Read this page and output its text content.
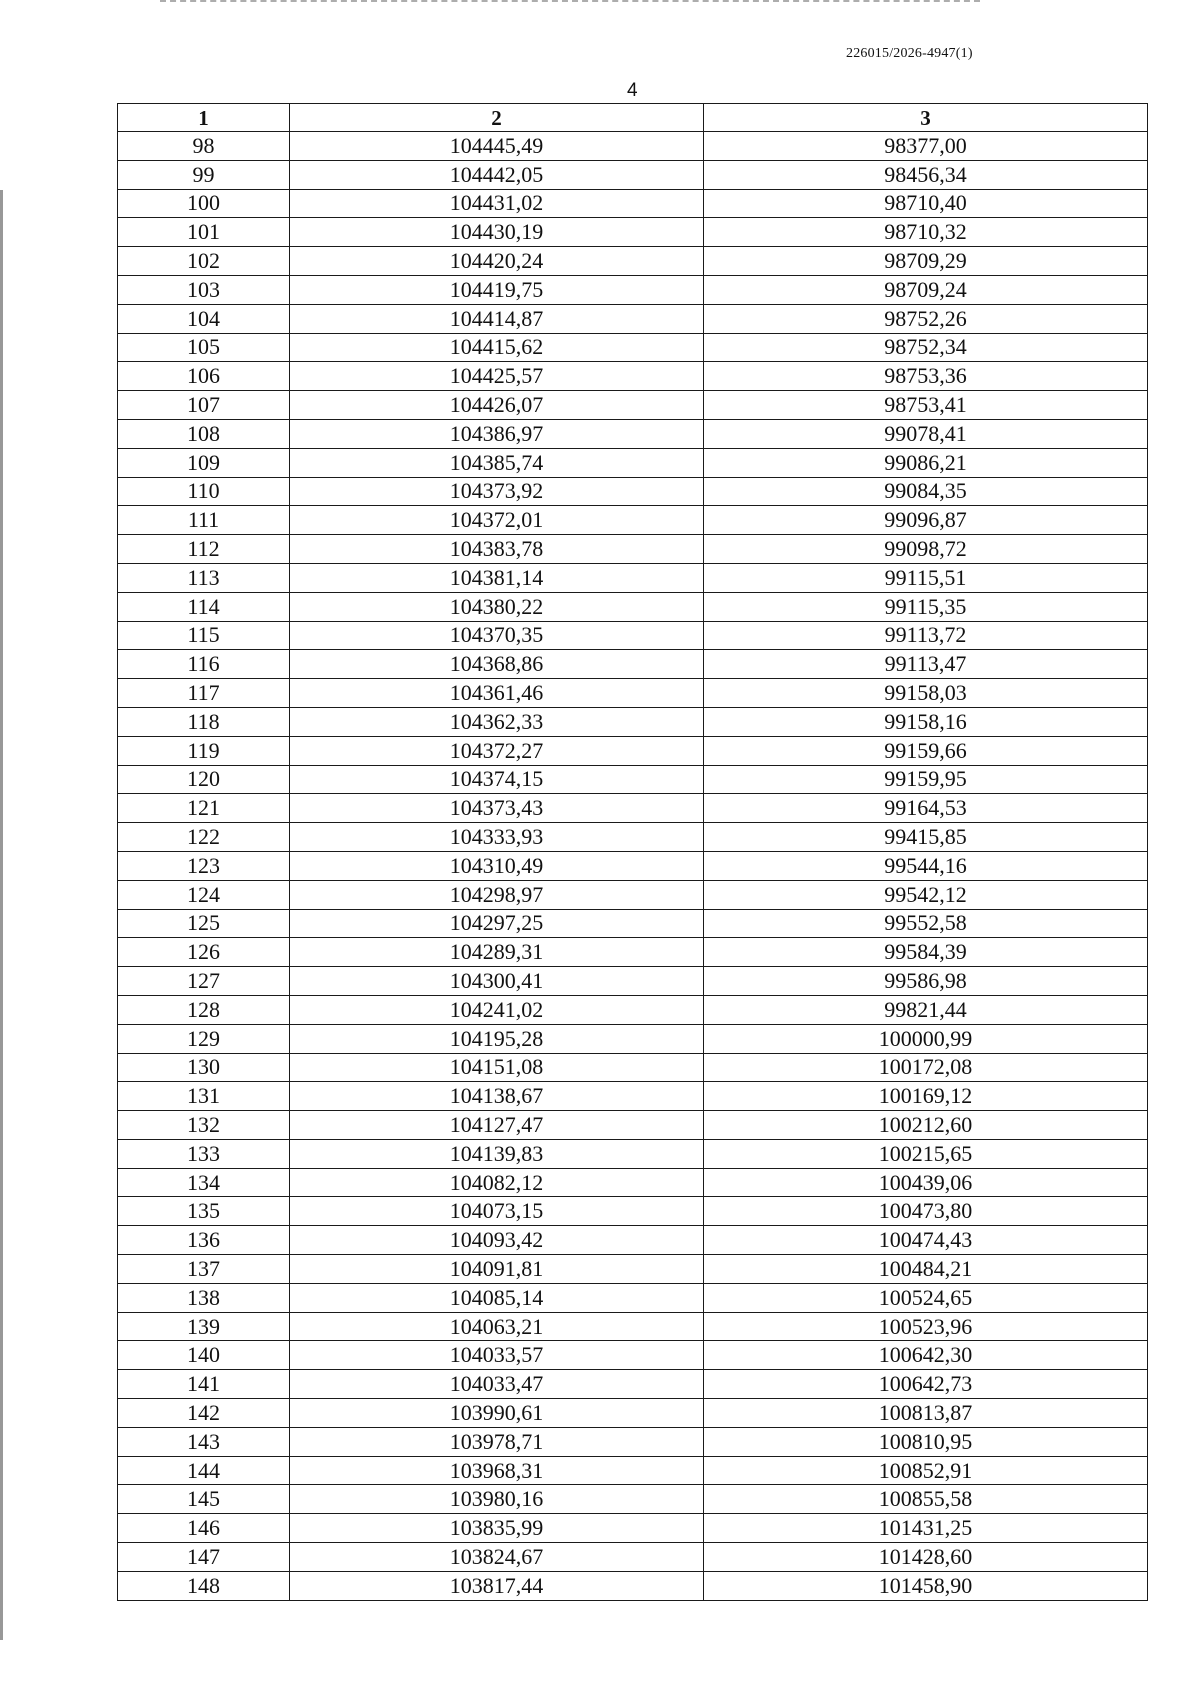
226015/2026-4947(1)
4
1	2	3
98	104445,49	98377,00
99	104442,05	98456,34
100	104431,02	98710,40
101	104430,19	98710,32
102	104420,24	98709,29
103	104419,75	98709,24
104	104414,87	98752,26
105	104415,62	98752,34
106	104425,57	98753,36
107	104426,07	98753,41
108	104386,97	99078,41
109	104385,74	99086,21
110	104373,92	99084,35
111	104372,01	99096,87
112	104383,78	99098,72
113	104381,14	99115,51
114	104380,22	99115,35
115	104370,35	99113,72
116	104368,86	99113,47
117	104361,46	99158,03
118	104362,33	99158,16
119	104372,27	99159,66
120	104374,15	99159,95
121	104373,43	99164,53
122	104333,93	99415,85
123	104310,49	99544,16
124	104298,97	99542,12
125	104297,25	99552,58
126	104289,31	99584,39
127	104300,41	99586,98
128	104241,02	99821,44
129	104195,28	100000,99
130	104151,08	100172,08
131	104138,67	100169,12
132	104127,47	100212,60
133	104139,83	100215,65
134	104082,12	100439,06
135	104073,15	100473,80
136	104093,42	100474,43
137	104091,81	100484,21
138	104085,14	100524,65
139	104063,21	100523,96
140	104033,57	100642,30
141	104033,47	100642,73
142	103990,61	100813,87
143	103978,71	100810,95
144	103968,31	100852,91
145	103980,16	100855,58
146	103835,99	101431,25
147	103824,67	101428,60
148	103817,44	101458,90
